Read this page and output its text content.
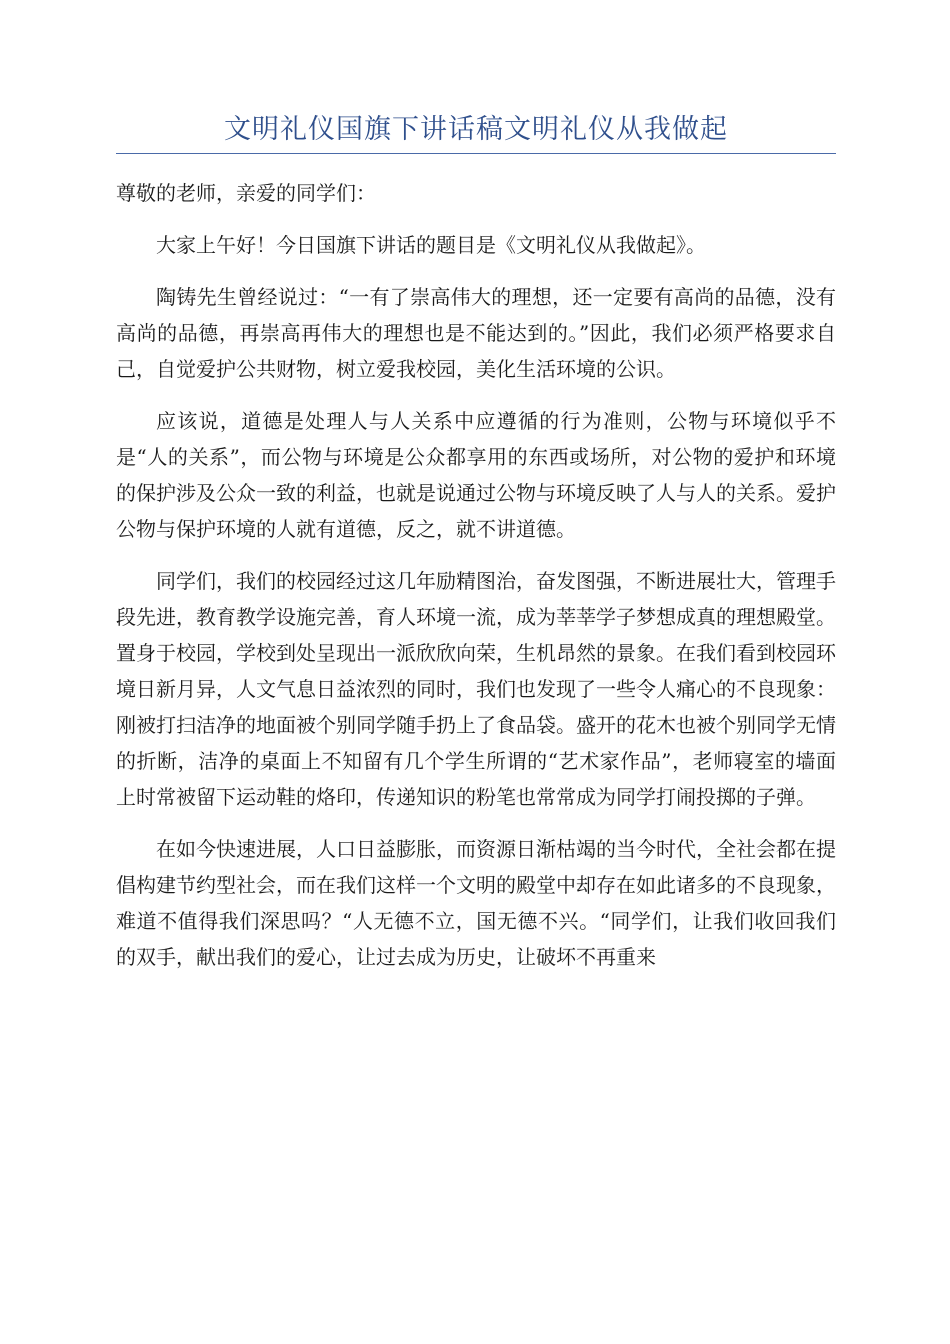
文明礼仪国旗下讲话稿文明礼仪从我做起

尊敬的老师，亲爱的同学们：

大家上午好！今日国旗下讲话的题目是《文明礼仪从我做起》。

陶铸先生曾经说过：“一有了崇高伟大的理想，还一定要有高尚的品德，没有高尚的品德，再崇高再伟大的理想也是不能达到的。”因此，我们必须严格要求自己，自觉爱护公共财物，树立爱我校园，美化生活环境的公识。

应该说，道德是处理人与人关系中应遵循的行为准则，公物与环境似乎不是“人的关系”，而公物与环境是公众都享用的东西或场所，对公物的爱护和环境的保护涉及公众一致的利益，也就是说通过公物与环境反映了人与人的关系。爱护公物与保护环境的人就有道德，反之，就不讲道德。

同学们，我们的校园经过这几年励精图治，奋发图强，不断进展壮大，管理手段先进，教育教学设施完善，育人环境一流，成为莘莘学子梦想成真的理想殿堂。置身于校园，学校到处呈现出一派欣欣向荣，生机昂然的景象。在我们看到校园环境日新月异，人文气息日益浓烈的同时，我们也发现了一些令人痛心的不良现象：刚被打扫洁净的地面被个别同学随手扔上了食品袋。盛开的花木也被个别同学无情的折断，洁净的桌面上不知留有几个学生所谓的“艺术家作品”，老师寝室的墙面上时常被留下运动鞋的烙印，传递知识的粉笔也常常成为同学打闹投掷的子弹。

在如今快速进展，人口日益膨胀，而资源日渐枯竭的当今时代，全社会都在提倡构建节约型社会，而在我们这样一个文明的殿堂中却存在如此诸多的不良现象，难道不值得我们深思吗？“人无德不立，国无德不兴。“同学们，让我们收回我们的双手，献出我们的爱心，让过去成为历史，让破坏不再重来
